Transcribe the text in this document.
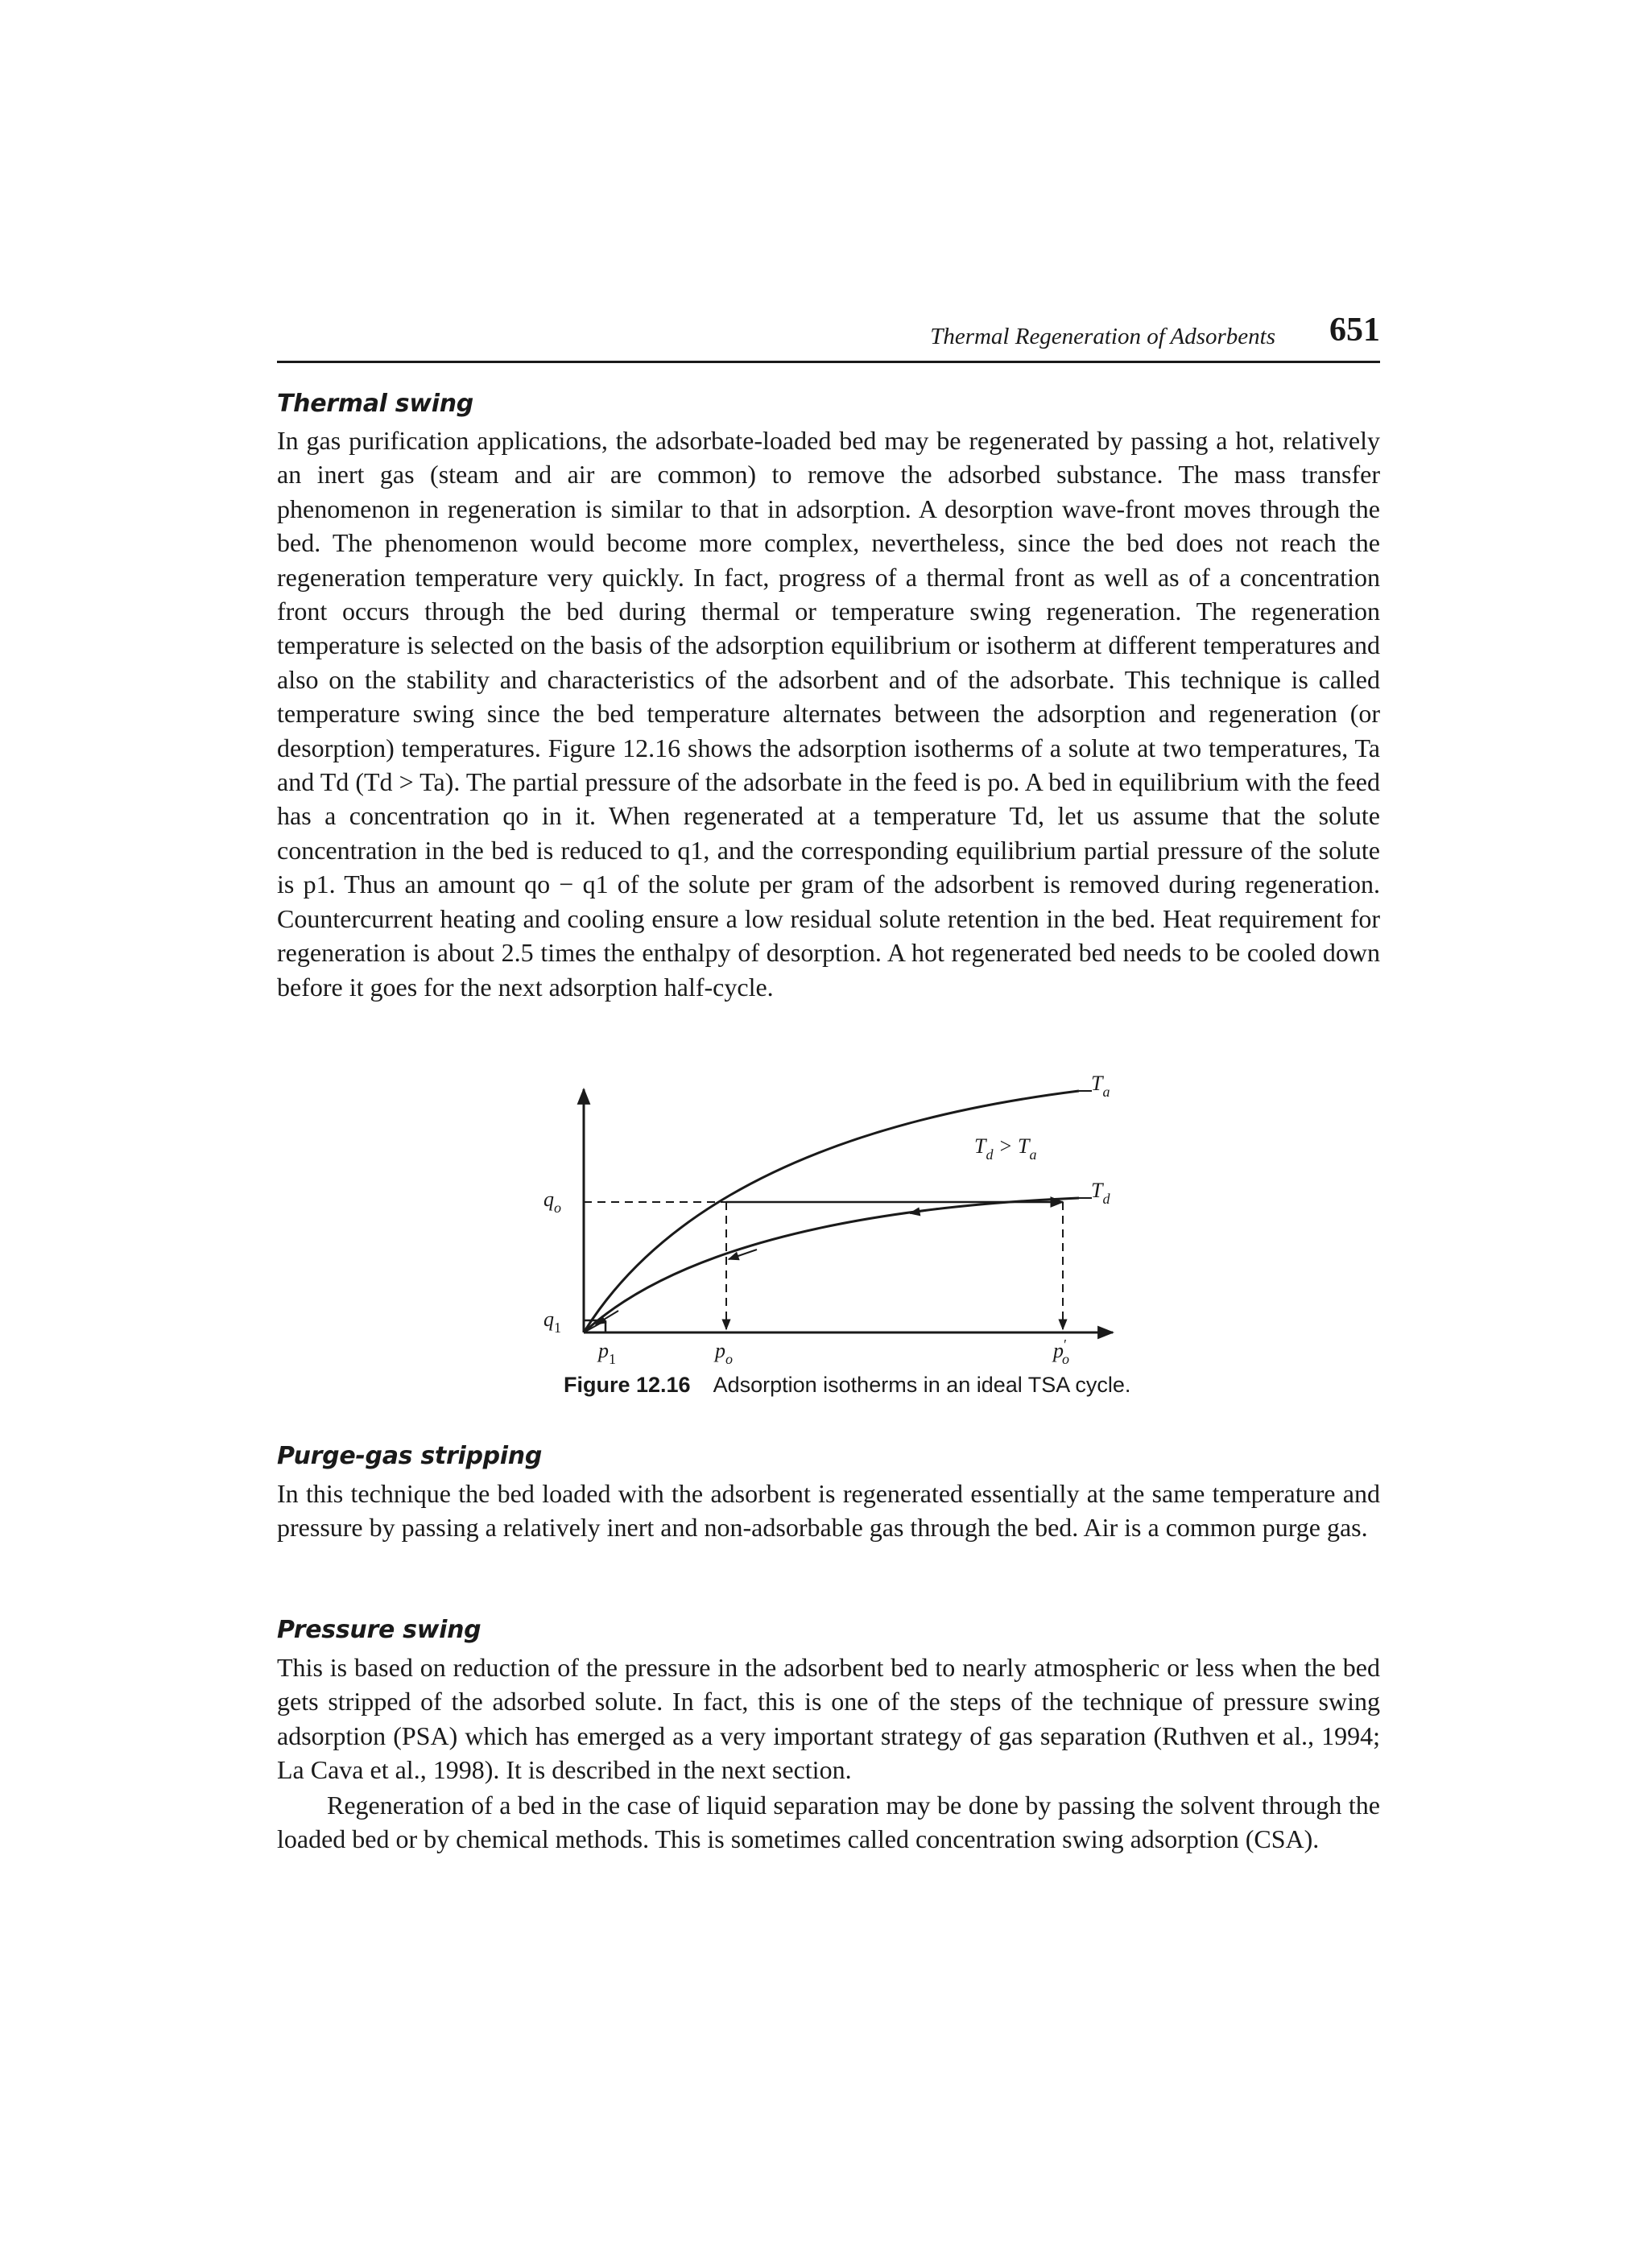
Thermal Regeneration of Adsorbents 651
Thermal swing

In gas purification applications, the adsorbate-loaded bed may be regenerated by passing a hot, relatively an inert gas (steam and air are common) to remove the adsorbed substance. The mass transfer phenomenon in regeneration is similar to that in adsorption. A desorption wave-front moves through the bed. The phenomenon would become more complex, nevertheless, since the bed does not reach the regeneration temperature very quickly. In fact, progress of a thermal front as well as of a concentration front occurs through the bed during thermal or temperature swing regeneration. The regeneration temperature is selected on the basis of the adsorption equilibrium or isotherm at different temperatures and also on the stability and characteristics of the adsorbent and of the adsorbate. This technique is called temperature swing since the bed temperature alternates between the adsorption and regeneration (or desorption) temperatures. Figure 12.16 shows the adsorption isotherms of a solute at two temperatures, Ta and Td (Td > Ta). The partial pressure of the adsorbate in the feed is po. A bed in equilibrium with the feed has a concentration qo in it. When regenerated at a temperature Td, let us assume that the solute concentration in the bed is reduced to q1, and the corresponding equilibrium partial pressure of the solute is p1. Thus an amount qo − q1 of the solute per gram of the adsorbent is removed during regeneration. Countercurrent heating and cooling ensure a low residual solute retention in the bed. Heat requirement for regeneration is about 2.5 times the enthalpy of desorption. A hot regenerated bed needs to be cooled down before it goes for the next adsorption half-cycle.

$T_a$
$T_d$
$T_d > T_a$
$q_o$
$q_1$
$p_1$	$p_o$	p′ o
Figure 12.16 Adsorption isotherms in an ideal TSA cycle.
Purge-gas stripping

In this technique the bed loaded with the adsorbent is regenerated essentially at the same temperature and pressure by passing a relatively inert and non-adsorbable gas through the bed. Air is a common purge gas.

Pressure swing

This is based on reduction of the pressure in the adsorbent bed to nearly atmospheric or less when the bed gets stripped of the adsorbed solute. In fact, this is one of the steps of the technique of pressure swing adsorption (PSA) which has emerged as a very important strategy of gas separation (Ruthven et al., 1994; La Cava et al., 1998). It is described in the next section.

Regeneration of a bed in the case of liquid separation may be done by passing the solvent through the loaded bed or by chemical methods. This is sometimes called concentration swing adsorption (CSA).
